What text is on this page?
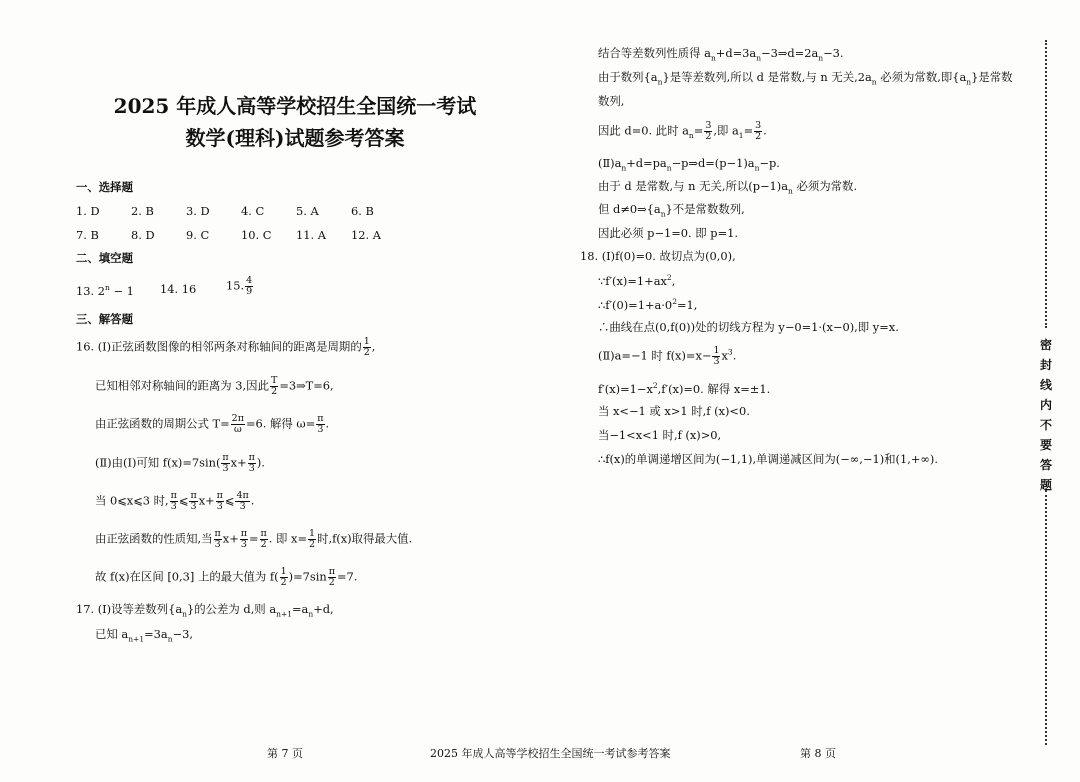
2025 年成人高等学校招生全国统一考试
数学(理科)试题参考答案
一、选择题
1. D	2. B	3. D	4. C	5. A	6. B
7. B	8. D	9. C	10. C 11. A 12. A
二、填空题
13. $2^n - 1$ 14. 16	15. $\frac{4}{9}$
三、解答题
16. (Ⅰ)正弦函数图像的相邻两条对称轴间的距离是周期的 $\frac{1}{2}$ ,
已知相邻对称轴间的距离为 3,因此 $\frac{T}{2}$ =3⇒T=6,
由正弦函数的周期公式 $T= \frac{2\pi}{\omega} =6$. 解得 $\omega= \frac{\pi}{3}$ .
(Ⅱ)由(Ⅰ)可知 $f(x)=7\sin( \frac{\pi}{3} x+ \frac{\pi}{3}$ ).
当 0⩽x⩽3 时, $\frac{\pi}{3}$ ⩽ $\frac{\pi}{3} x+ \frac{\pi}{3}$ ⩽ $\frac{4\pi}{3}$ .
由正弦函数的性质知,当 $\frac{\pi}{3} x+ \frac{\pi}{3} = \frac{\pi}{2}$ . 即 $x= \frac{1}{2}$ 时,f(x)取得最大值.
故 f(x)在区间 [0,3] 上的最大值为 $f( \frac{1}{2} )=7\sin \frac{\pi}{2} =7$.
17. (Ⅰ)设等差数列$\{a_n\}$的公差为 d,则 $a_{n+1}=a_n+d$,
已知 $a_{n+1}=3a_n-3$,
结合等差数列性质得 $a_n+d=3a_n-3\Rightarrow d=2a_n-3$.
由于数列$\{a_n\}$是等差数列,所以 d 是常数,与 n 无关$,2a_n$ 必须为常数,即$\{a_n\}$是常数
数列,
因此 d=0. 此时 $a_n= \frac{3}{2}$ ,即 $a_1= \frac{3}{2}$ .
$(Ⅱ)a_n+d=pa_n-p\Rightarrow d=(p-1)a_n-p$.
由于 d 是常数,与 n 无关,所以$(p-1)a_n$ 必须为常数.
但 $d\ne 0\Rightarrow\{a_n\}$不是常数数列,
因此必须 p−1=0. 即 p=1.
18. (Ⅰ)f(0)=0. 故切点为(0,0),
$\because f'(x)=1+ax^2$,
$\therefore f'(0)=1+a\cdot 0^2=1$,
∴曲线在点(0,f(0))处的切线方程为 y−0=1·(x−0),即 y=x.
(Ⅱ)a=−1 时 $f(x)=x- \frac{1}{3} x^3$.
$f'(x)=1-x^2,f'(x)=0$. 解得 x=±1.
当 x<−1 或 x>1 时,f (x)<0.
当−1<x<1 时,f (x)>0,
∴f(x)的单调递增区间为(−1,1),单调递减区间为(−∞,−1)和(1,+∞).
第 7 页	2025 年成人高等学校招生全国统一考试参考答案	第 8 页
密
封
线
内
不
要
答
题
